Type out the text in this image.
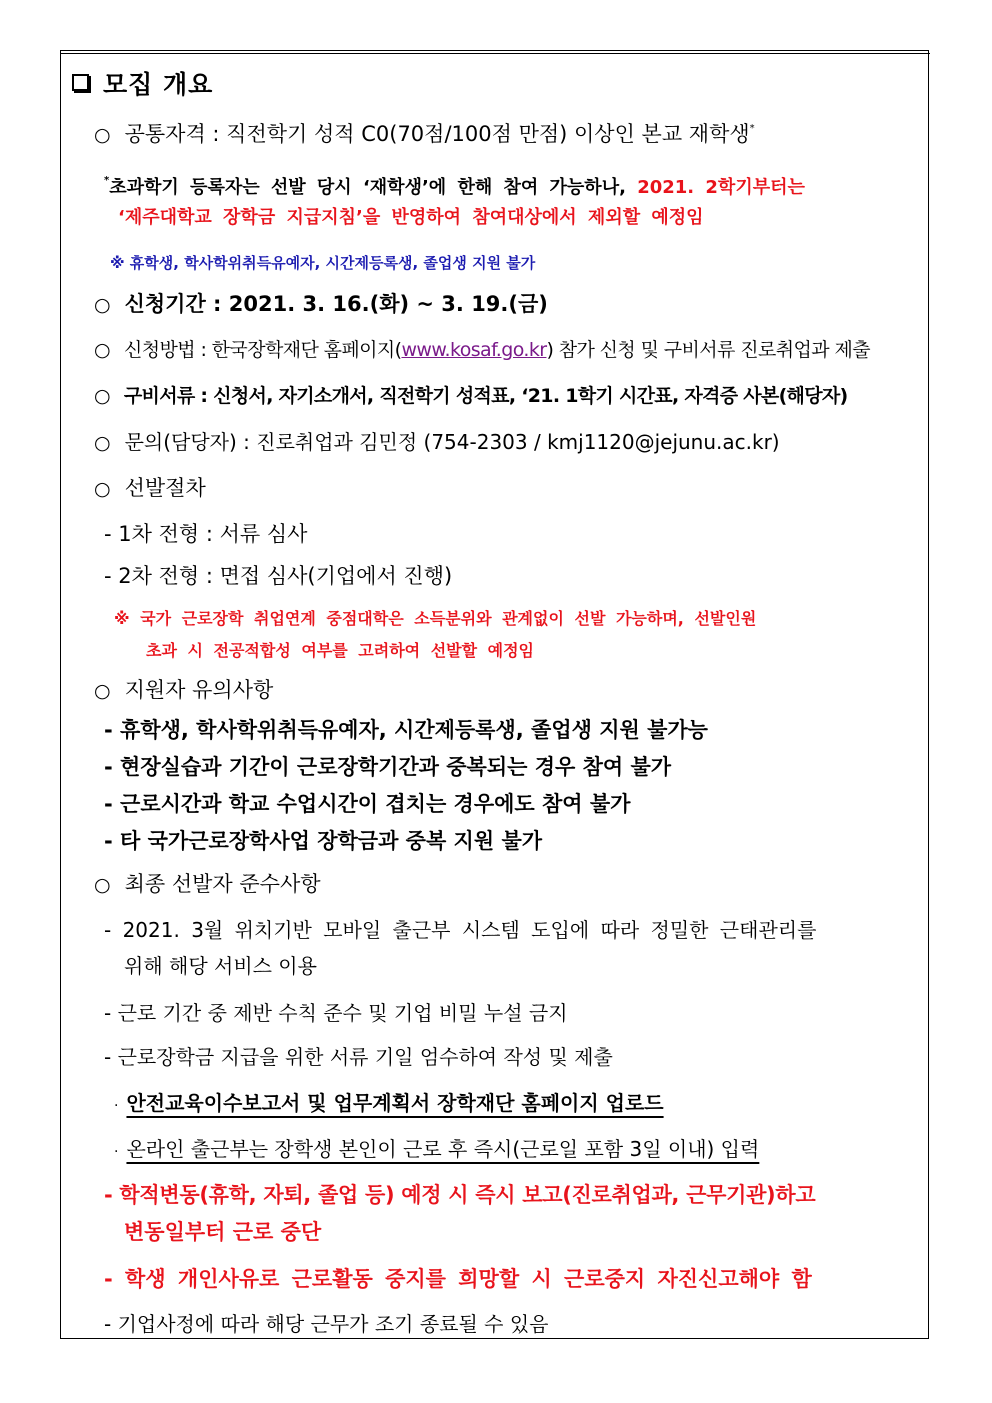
모집 개요
○ 공통자격 : 직전학기 성적 C0(70점/100점 만점) 이상인 본교 재학생*
*초과학기 등록자는 선발 당시 ‘재학생’에 한해 참여 가능하나, 2021. 2학기부터는
‘제주대학교 장학금 지급지침’을 반영하여 참여대상에서 제외할 예정임
※ 휴학생, 학사학위취득유예자, 시간제등록생, 졸업생 지원 불가
○ 신청기간 : 2021. 3. 16.(화) ~ 3. 19.(금)
○ 신청방법 : 한국장학재단 홈페이지(www.kosaf.go.kr) 참가 신청 및 구비서류 진로취업과 제출
○ 구비서류 : 신청서, 자기소개서, 직전학기 성적표, ‘21. 1학기 시간표, 자격증 사본(해당자)
○ 문의(담당자) : 진로취업과 김민정 (754-2303 / kmj1120@jejunu.ac.kr)
○ 선발절차
- 1차 전형 : 서류 심사
- 2차 전형 : 면접 심사(기업에서 진행)
※ 국가 근로장학 취업연계 중점대학은 소득분위와 관계없이 선발 가능하며, 선발인원
초과 시 전공적합성 여부를 고려하여 선발할 예정임
○ 지원자 유의사항
- 휴학생, 학사학위취득유예자, 시간제등록생, 졸업생 지원 불가능
- 현장실습과 기간이 근로장학기간과 중복되는 경우 참여 불가
- 근로시간과 학교 수업시간이 겹치는 경우에도 참여 불가
- 타 국가근로장학사업 장학금과 중복 지원 불가
○ 최종 선발자 준수사항
- 2021. 3월 위치기반 모바일 출근부 시스템 도입에 따라 정밀한 근태관리를
위해 해당 서비스 이용
- 근로 기간 중 제반 수칙 준수 및 기업 비밀 누설 금지
- 근로장학금 지급을 위한 서류 기일 엄수하여 작성 및 제출
· 안전교육이수보고서 및 업무계획서 장학재단 홈페이지 업로드
· 온라인 출근부는 장학생 본인이 근로 후 즉시(근로일 포함 3일 이내) 입력
- 학적변동(휴학, 자퇴, 졸업 등) 예정 시 즉시 보고(진로취업과, 근무기관)하고
변동일부터 근로 중단
- 학생 개인사유로 근로활동 중지를 희망할 시 근로중지 자진신고해야 함
- 기업사정에 따라 해당 근무가 조기 종료될 수 있음
